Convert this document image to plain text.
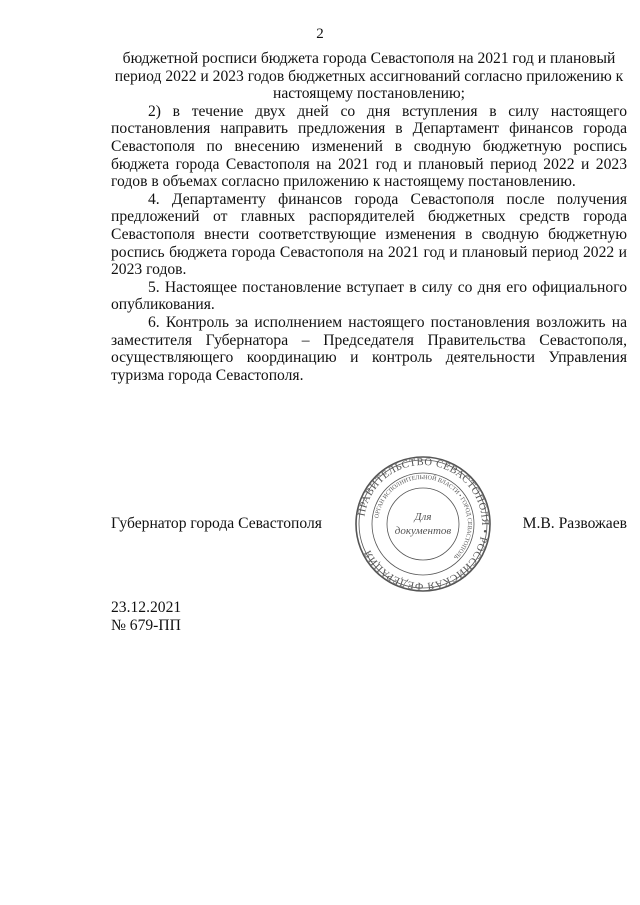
2

бюджетной росписи бюджета города Севастополя на 2021 год и плановый период 2022 и 2023 годов бюджетных ассигнований согласно приложению к настоящему постановлению;

2) в течение двух дней со дня вступления в силу настоящего постановления направить предложения в Департамент финансов города Севастополя по внесению изменений в сводную бюджетную роспись бюджета города Севастополя на 2021 год и плановый период 2022 и 2023 годов в объемах согласно приложению к настоящему постановлению.

4. Департаменту финансов города Севастополя после получения предложений от главных распорядителей бюджетных средств города Севастополя внести соответствующие изменения в сводную бюджетную роспись бюджета города Севастополя на 2021 год и плановый период 2022 и 2023 годов.

5. Настоящее постановление вступает в силу со дня его официального опубликования.

6. Контроль за исполнением настоящего постановления возложить на заместителя Губернатора – Председателя Правительства Севастополя, осуществляющего координацию и контроль деятельности Управления туризма города Севастополя.

Губернатор города Севастополя	М.В. Развожаев
ПРАВИТЕЛЬСТВО СЕВАСТОПОЛЯ • РОССИЙСКАЯ ФЕДЕРАЦИЯ
ОРГАН ИСПОЛНИТЕЛЬНОЙ ВЛАСТИ • ГОРОД СЕВАСТОПОЛЬ
Для
документов
23.12.2021
№ 679-ПП
